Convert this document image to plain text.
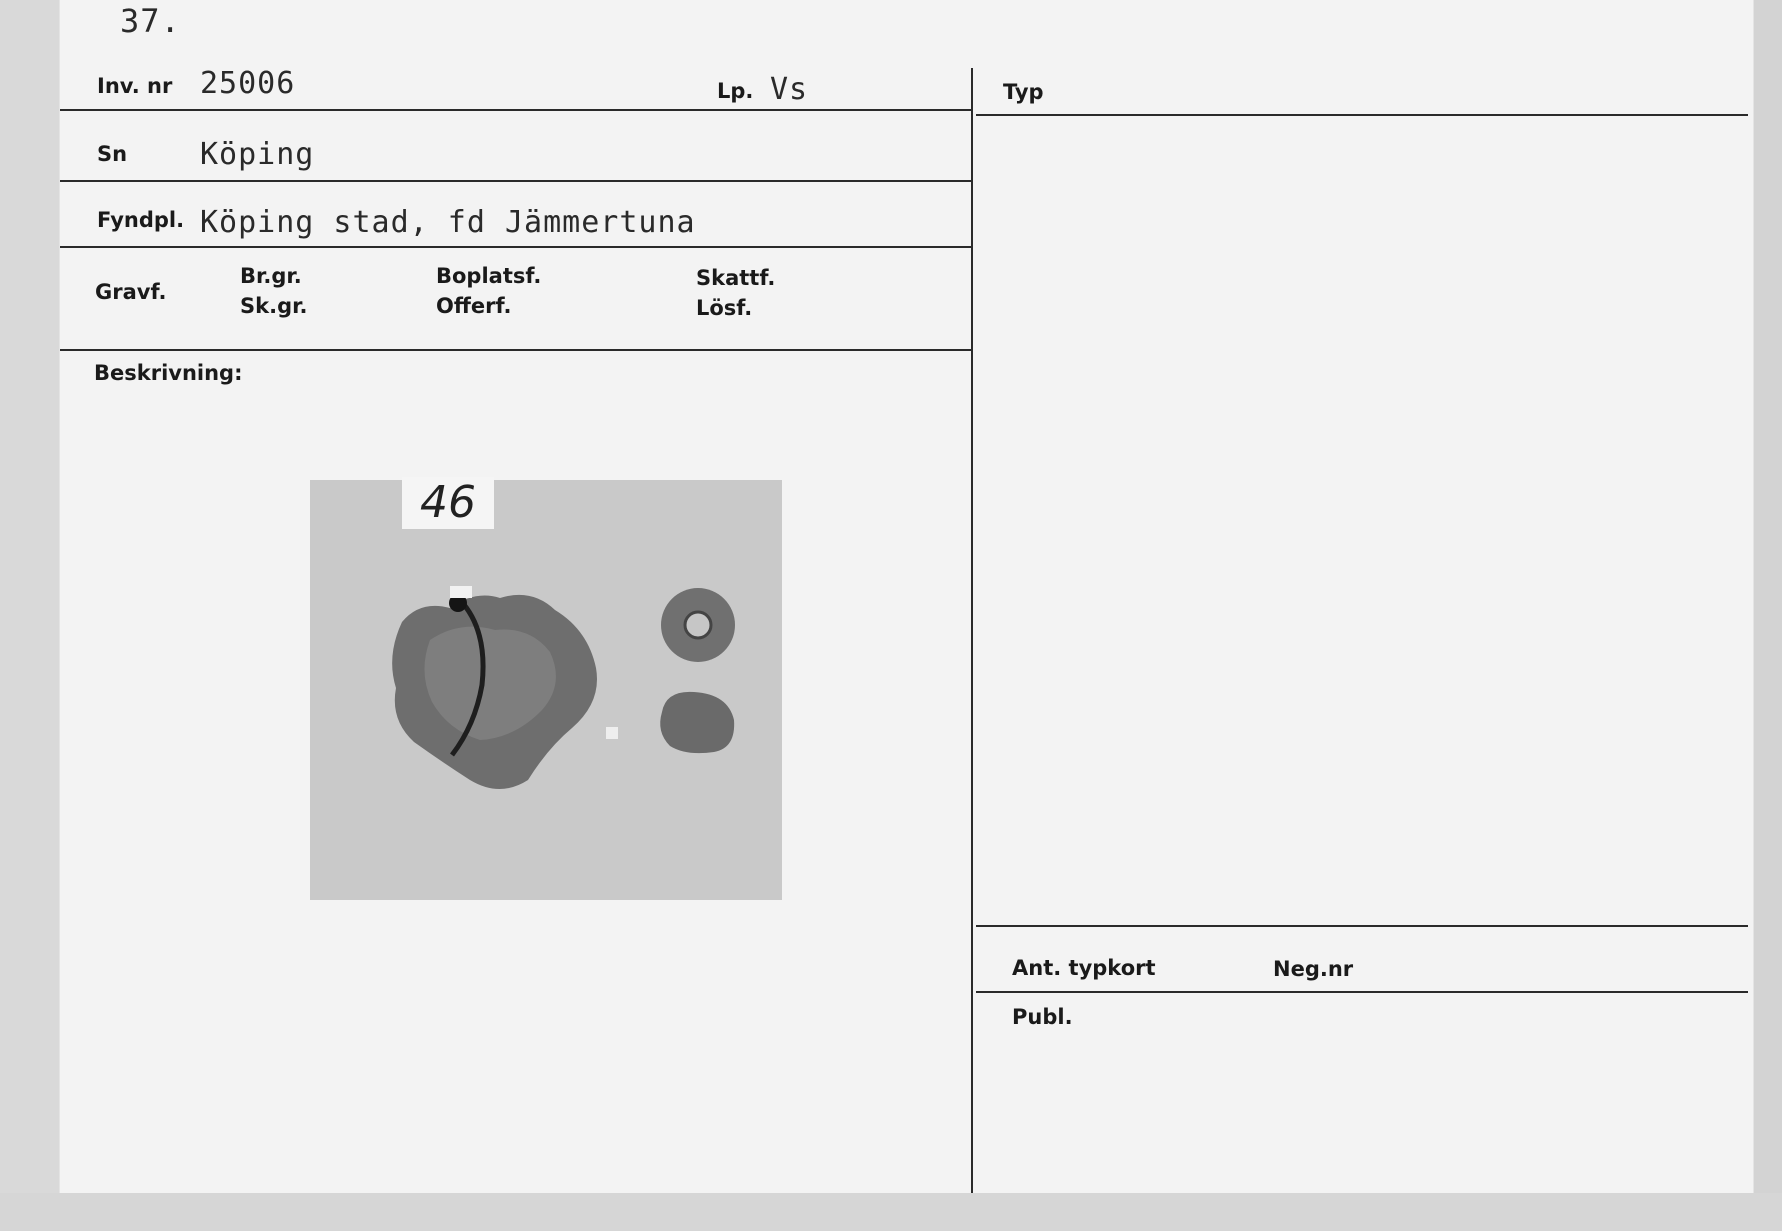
37.
Inv. nr 25006	Lp. Vs
Sn Köping
Fyndpl. Köping stad, fd Jämmertuna
Gravf.
Br.gr.
Sk.gr.
Boplatsf.
Offerf.
Skattf.
Lösf.
Beskrivning:
Typ
Ant. typkort	Neg.nr
Publ.
46
